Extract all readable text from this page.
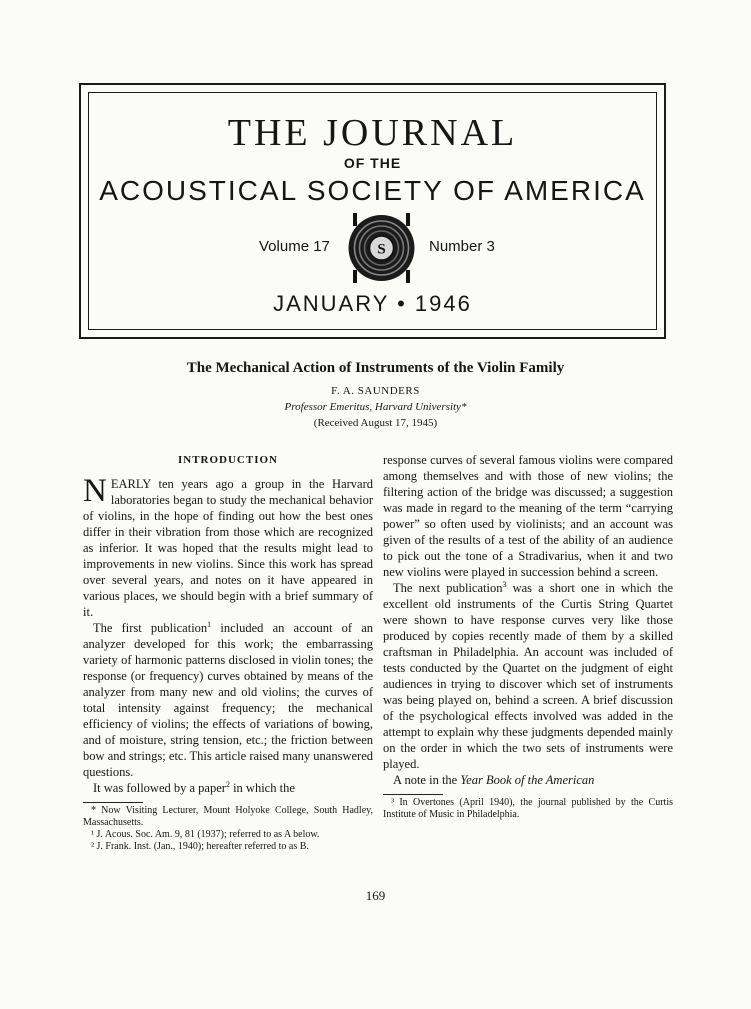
THE JOURNAL
OF THE
ACOUSTICAL SOCIETY OF AMERICA
Volume 17	S	Number 3
JANUARY • 1946
The Mechanical Action of Instruments of the Violin Family
F. A. SAUNDERS
Professor Emeritus, Harvard University*
(Received August 17, 1945)
INTRODUCTION

NEARLY ten years ago a group in the Harvard laboratories began to study the mechanical behavior of violins, in the hope of finding out how the best ones differ in their vibration from those which are recognized as inferior. It was hoped that the results might lead to improvements in new violins. Since this work has spread over several years, and notes on it have appeared in various places, we should begin with a brief summary of it.

The first publication$^1$ included an account of an analyzer developed for this work; the embarrassing variety of harmonic patterns disclosed in violin tones; the response (or frequency) curves obtained by means of the analyzer from many new and old violins; the curves of total intensity against frequency; the mechanical efficiency of violins; the effects of variations of bowing, and of moisture, string tension, etc.; the friction between bow and strings; etc. This article raised many unanswered questions.

It was followed by a paper$^2$ in which the

* Now Visiting Lecturer, Mount Holyoke College, South Hadley, Massachusetts.
¹ J. Acous. Soc. Am. 9, 81 (1937); referred to as A below.
² J. Frank. Inst. (Jan., 1940); hereafter referred to as B.

response curves of several famous violins were compared among themselves and with those of new violins; the filtering action of the bridge was discussed; a suggestion was made in regard to the meaning of the term “carrying power” so often used by violinists; and an account was given of the results of a test of the ability of an audience to pick out the tone of a Stradivarius, when it and two new violins were played in succession behind a screen.

The next publication$^3$ was a short one in which the excellent old instruments of the Curtis String Quartet were shown to have response curves very like those produced by copies recently made of them by a skilled craftsman in Philadelphia. An account was included of tests conducted by the Quartet on the judgment of eight audiences in trying to discover which set of instruments was being played on, behind a screen. A brief discussion of the psychological effects involved was added in the attempt to explain why these judgments depended mainly on the order in which the two sets of instruments were played.

A note in the Year Book of the American

³ In Overtones (April 1940), the journal published by the Curtis Institute of Music in Philadelphia.
169
